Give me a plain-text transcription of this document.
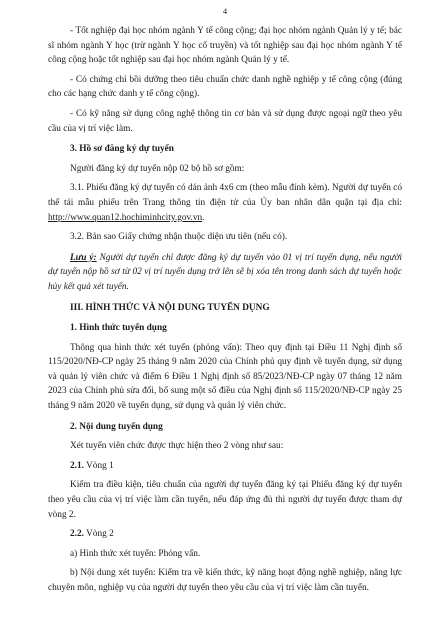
4

- Tốt nghiệp đại học nhóm ngành Y tế công cộng; đại học nhóm ngành Quản lý y tế; bác sĩ nhóm ngành Y học (trừ ngành Y học cổ truyền) và tốt nghiệp sau đại học nhóm ngành Y tế công cộng hoặc tốt nghiệp sau đại học nhóm ngành Quản lý y tế.

- Có chứng chỉ bồi dưỡng theo tiêu chuẩn chức danh nghề nghiệp y tế công cộng (đúng cho các hạng chức danh y tế công cộng).

- Có kỹ năng sử dụng công nghệ thông tin cơ bản và sử dụng được ngoại ngữ theo yêu cầu của vị trí việc làm.

3. Hồ sơ đăng ký dự tuyển

Người đăng ký dự tuyển nộp 02 bộ hồ sơ gồm:

3.1. Phiếu đăng ký dự tuyển có dán ảnh 4x6 cm (theo mẫu đính kèm). Người dự tuyển có thể tải mẫu phiếu trên Trang thông tin điện tử của Ủy ban nhân dân quận tại địa chỉ: http://www.quan12.hochiminhcity.gov.vn.

3.2. Bản sao Giấy chứng nhận thuộc diện ưu tiên (nếu có).

Lưu ý: Người dự tuyển chỉ được đăng ký dự tuyển vào 01 vị trí tuyển dụng, nếu người dự tuyển nộp hồ sơ từ 02 vị trí tuyển dụng trở lên sẽ bị xóa tên trong danh sách dự tuyển hoặc hủy kết quả xét tuyển.

III. HÌNH THỨC VÀ NỘI DUNG TUYỂN DỤNG

1. Hình thức tuyển dụng

Thông qua hình thức xét tuyển (phỏng vấn): Theo quy định tại Điều 11 Nghị định số 115/2020/NĐ-CP ngày 25 tháng 9 năm 2020 của Chính phủ quy định về tuyển dụng, sử dụng và quản lý viên chức và điểm 6 Điều 1 Nghị định số 85/2023/NĐ-CP ngày 07 tháng 12 năm 2023 của Chính phủ sửa đổi, bổ sung một số điều của Nghị định số 115/2020/NĐ-CP ngày 25 tháng 9 năm 2020 về tuyển dụng, sử dụng và quản lý viên chức.

2. Nội dung tuyển dụng

Xét tuyển viên chức được thực hiện theo 2 vòng như sau:

2.1. Vòng 1

Kiểm tra điều kiện, tiêu chuẩn của người dự tuyển đăng ký tại Phiếu đăng ký dự tuyển theo yêu cầu của vị trí việc làm cần tuyển, nếu đáp ứng đủ thì người dự tuyển được tham dự vòng 2.

2.2. Vòng 2

a) Hình thức xét tuyển: Phỏng vấn.

b) Nội dung xét tuyển: Kiểm tra về kiến thức, kỹ năng hoạt động nghề nghiệp, năng lực chuyên môn, nghiệp vụ của người dự tuyển theo yêu cầu của vị trí việc làm cần tuyển.
